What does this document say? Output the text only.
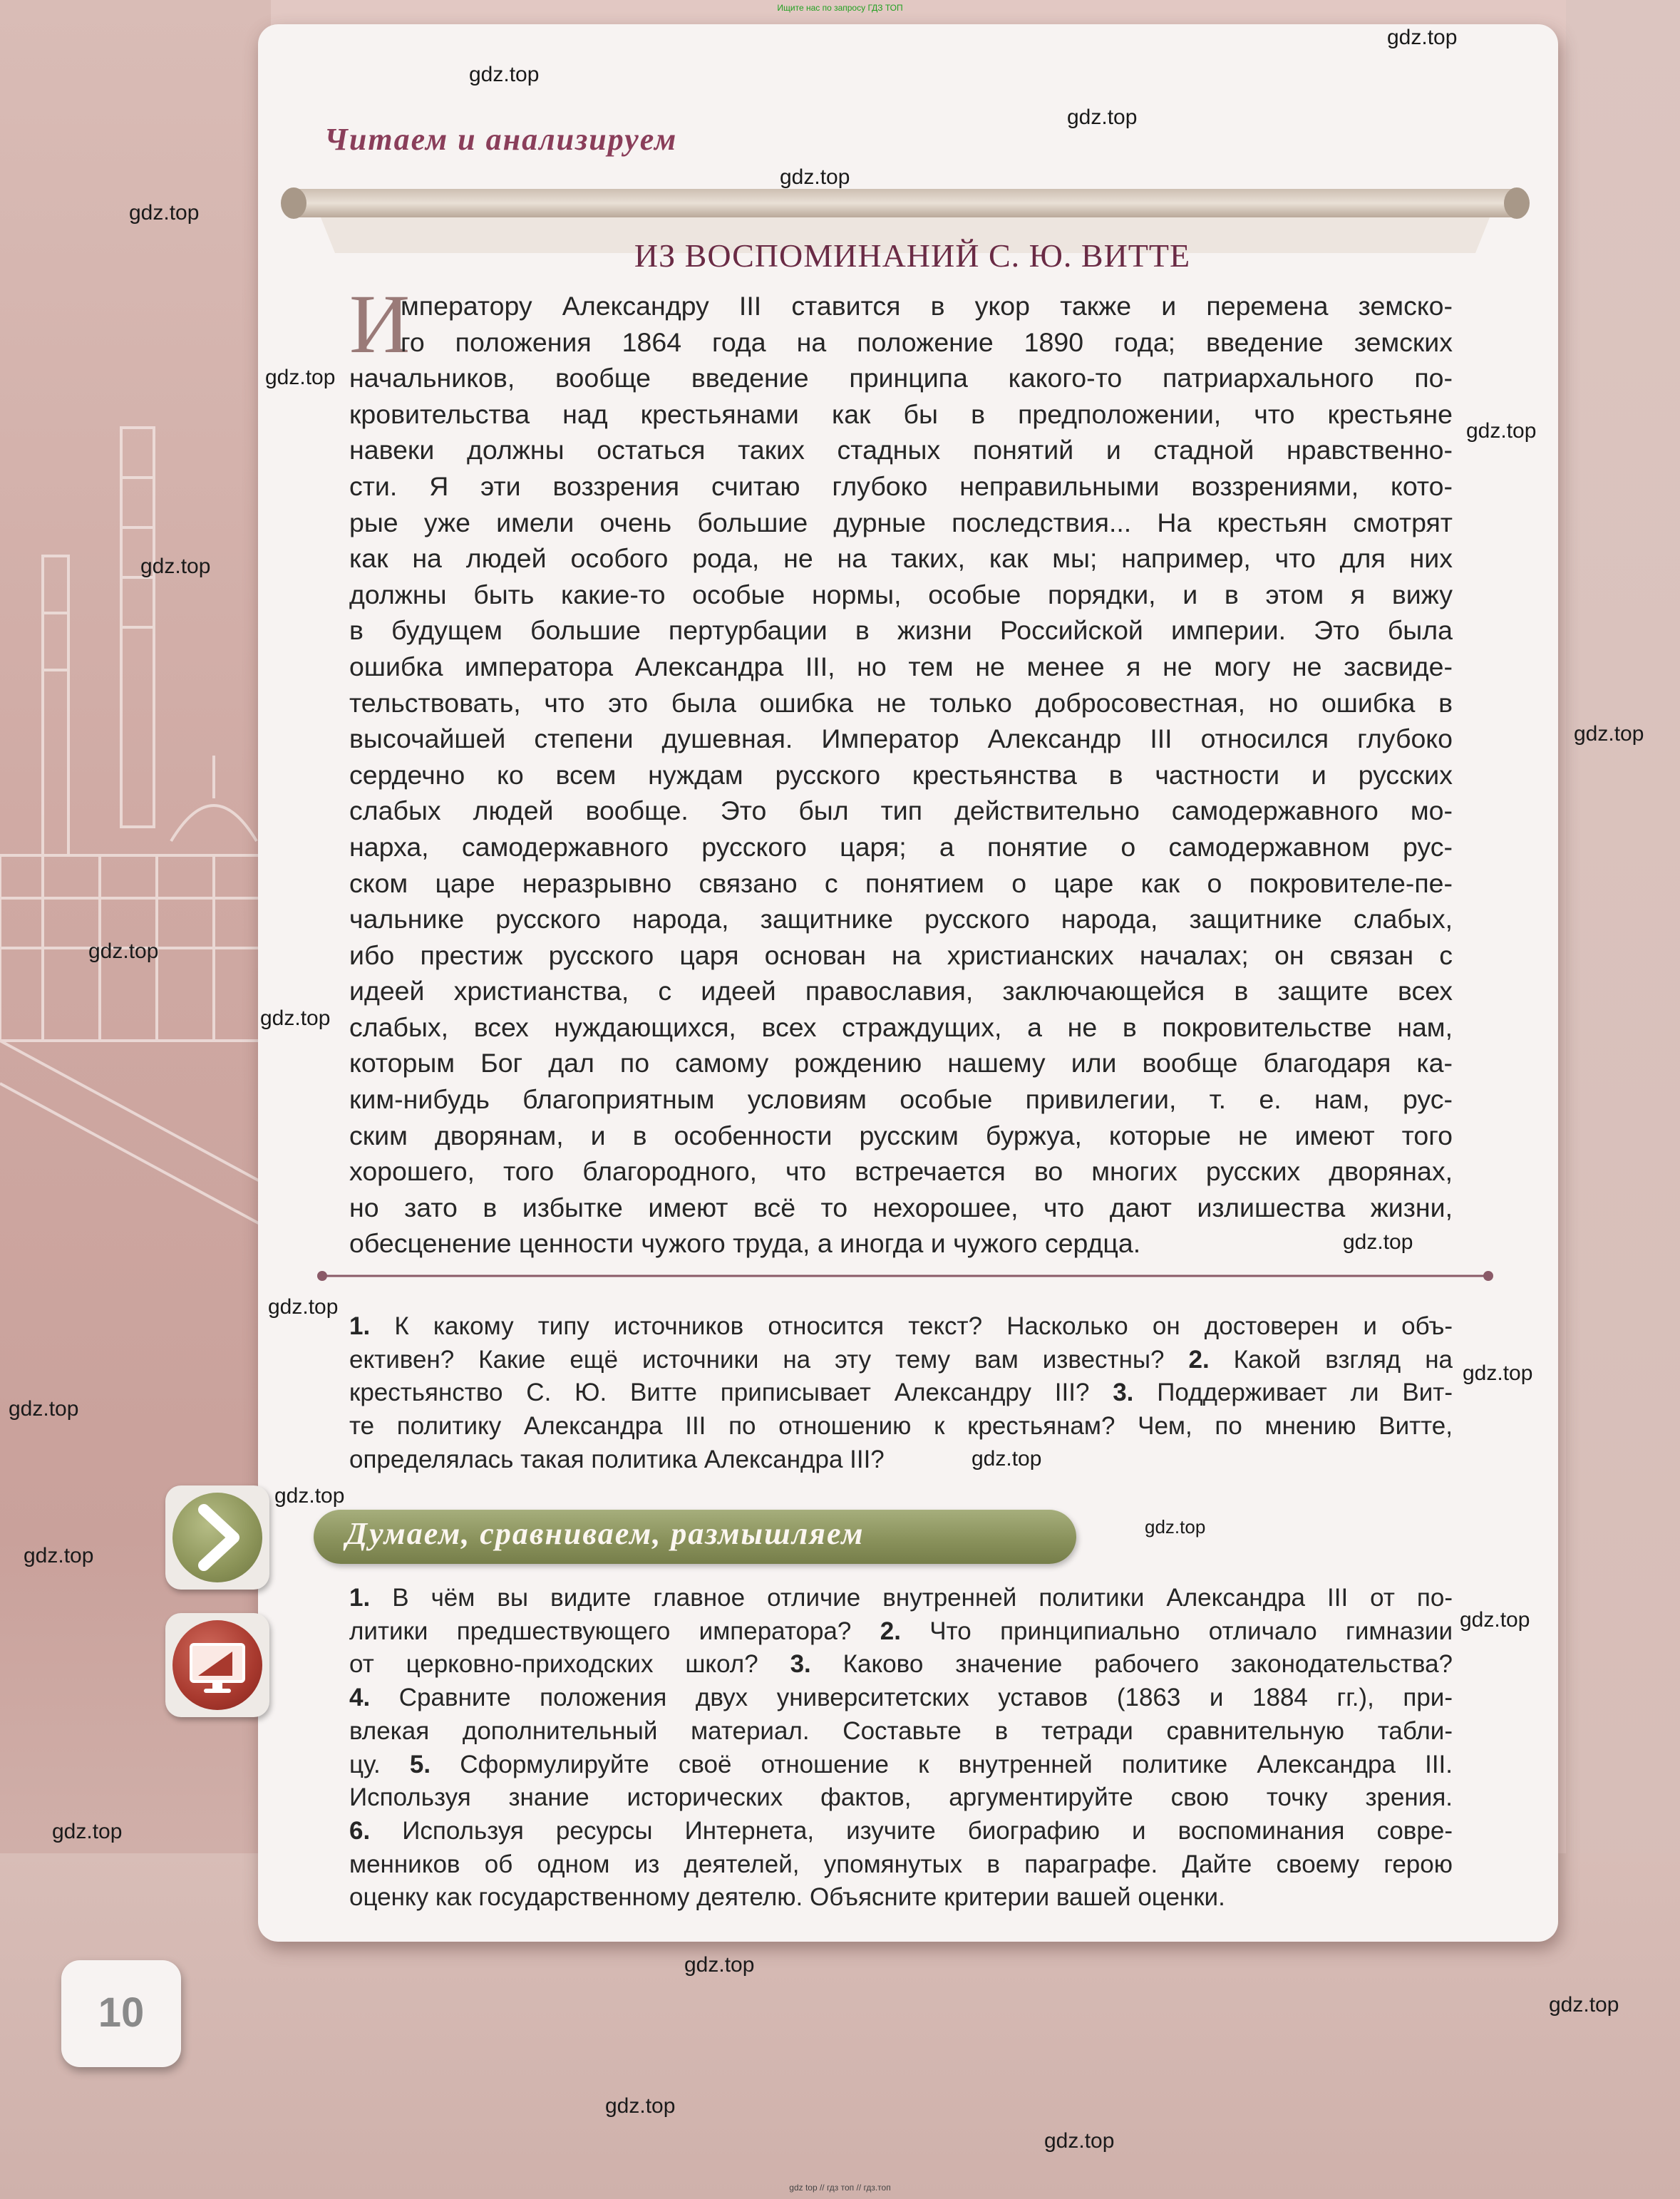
Ищите нас по запросу ГДЗ ТОП
gdz.top
gdz.top
gdz.top
gdz.top
gdz.top
gdz.top
gdz.top
gdz.top
gdz.top
gdz.top
gdz.top
gdz.top
gdz.top
gdz.top
gdz.top
gdz.top
gdz.top
gdz.top
gdz.top
gdz.top
gdz.top
gdz.top
gdz.top
gdz.top
gdz.top
Читаем и анализируем
ИЗ ВОСПОМИНАНИЙ С. Ю. ВИТТЕ
И
мператору Александру III ставится в укор также и перемена земско-
го положения 1864 года на положение 1890 года; введение земских
начальников, вообще введение принципа какого-то патриархального по-
кровительства над крестьянами как бы в предположении, что крестьяне
навеки должны остаться таких стадных понятий и стадной нравственно-
сти. Я эти воззрения считаю глубоко неправильными воззрениями, кото-
рые уже имели очень большие дурные последствия... На крестьян смотрят
как на людей особого рода, не на таких, как мы; например, что для них
должны быть какие-то особые нормы, особые порядки, и в этом я вижу
в будущем большие пертурбации в жизни Российской империи. Это была
ошибка императора Александра III, но тем не менее я не могу не засвиде-
тельствовать, что это была ошибка не только добросовестная, но ошибка в
высочайшей степени душевная. Император Александр III относился глубоко
сердечно ко всем нуждам русского крестьянства в частности и русских
слабых людей вообще. Это был тип действительно самодержавного мо-
нарха, самодержавного русского царя; а понятие о самодержавном рус-
ском царе неразрывно связано с понятием о царе как о покровителе-пе-
чальнике русского народа, защитнике русского народа, защитнике слабых,
ибо престиж русского царя основан на христианских началах; он связан с
идеей христианства, с идеей православия, заключающейся в защите всех
слабых, всех нуждающихся, всех страждущих, а не в покровительстве нам,
которым Бог дал по самому рождению нашему или вообще благодаря ка-
ким-нибудь благоприятным условиям особые привилегии, т. е. нам, рус-
ским дворянам, и в особенности русским буржуа, которые не имеют того
хорошего, того благородного, что встречается во многих русских дворянах,
но зато в избытке имеют всё то нехорошее, что дают излишества жизни,
обесценение ценности чужого труда, а иногда и чужого сердца.
1. К какому типу источников относится текст? Насколько он достоверен и объ-
ективен? Какие ещё источники на эту тему вам известны? 2. Какой взгляд на
крестьянство С. Ю. Витте приписывает Александру III? 3. Поддерживает ли Вит-
те политику Александра III по отношению к крестьянам? Чем, по мнению Витте,
определялась такая политика Александра III?
Думаем, сравниваем, размышляем
1. В чём вы видите главное отличие внутренней политики Александра III от по-
литики предшествующего императора? 2. Что принципиально отличало гимназии
от церковно-приходских школ? 3. Каково значение рабочего законодательства?
4. Сравните положения двух университетских уставов (1863 и 1884 гг.), при-
влекая дополнительный материал. Составьте в тетради сравнительную табли-
цу. 5. Сформулируйте своё отношение к внутренней политике Александра III.
Используя знание исторических фактов, аргументируйте свою точку зрения.
6. Используя ресурсы Интернета, изучите биографию и воспоминания совре-
менников об одном из деятелей, упомянутых в параграфе. Дайте своему герою
оценку как государственному деятелю. Объясните критерии вашей оценки.
10
gdz top // гдз топ // гдз.топ
